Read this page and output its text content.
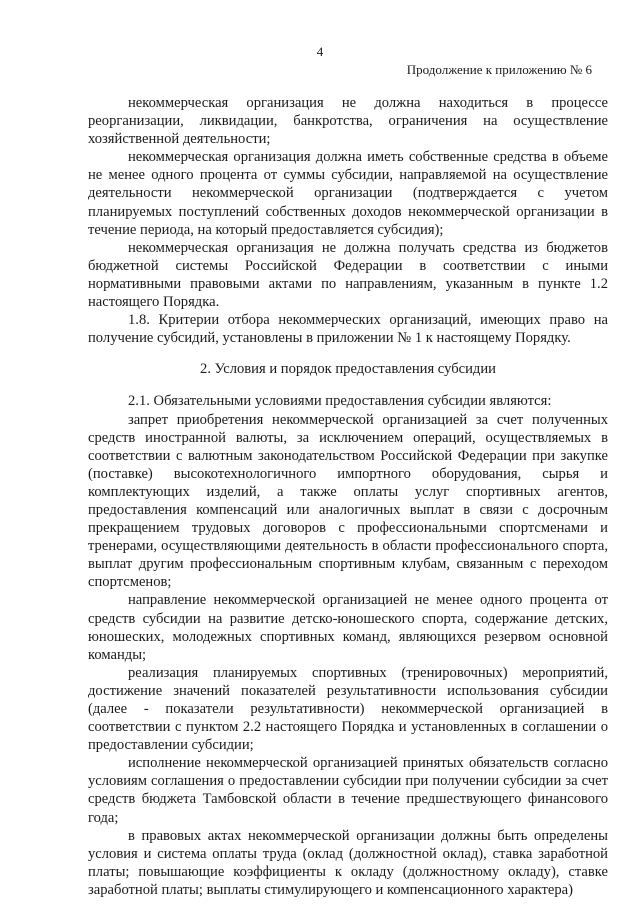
4
Продолжение к приложению № 6

некоммерческая организация не должна находиться в процессе реорганизации, ликвидации, банкротства, ограничения на осуществление хозяйственной деятельности;

некоммерческая организация должна иметь собственные средства в объеме не менее одного процента от суммы субсидии, направляемой на осуществление деятельности некоммерческой организации (подтверждается с учетом планируемых поступлений собственных доходов некоммерческой организации в течение периода, на который предоставляется субсидия);

некоммерческая организация не должна получать средства из бюджетов бюджетной системы Российской Федерации в соответствии с иными нормативными правовыми актами по направлениям, указанным в пункте 1.2 настоящего Порядка.

1.8. Критерии отбора некоммерческих организаций, имеющих право на получение субсидий, установлены в приложении № 1 к настоящему Порядку.

2. Условия и порядок предоставления субсидии

2.1. Обязательными условиями предоставления субсидии являются:

запрет приобретения некоммерческой организацией за счет полученных средств иностранной валюты, за исключением операций, осуществляемых в соответствии с валютным законодательством Российской Федерации при закупке (поставке) высокотехнологичного импортного оборудования, сырья и комплектующих изделий, а также оплаты услуг спортивных агентов, предоставления компенсаций или аналогичных выплат в связи с досрочным прекращением трудовых договоров с профессиональными спортсменами и тренерами, осуществляющими деятельность в области профессионального спорта, выплат другим профессиональным спортивным клубам, связанным с переходом спортсменов;

направление некоммерческой организацией не менее одного процента от средств субсидии на развитие детско-юношеского спорта, содержание детских, юношеских, молодежных спортивных команд, являющихся резервом основной команды;

реализация планируемых спортивных (тренировочных) мероприятий, достижение значений показателей результативности использования субсидии (далее - показатели результативности) некоммерческой организацией в соответствии с пунктом 2.2 настоящего Порядка и установленных в соглашении о предоставлении субсидии;

исполнение некоммерческой организацией принятых обязательств согласно условиям соглашения о предоставлении субсидии при получении субсидии за счет средств бюджета Тамбовской области в течение предшествующего финансового года;

в правовых актах некоммерческой организации должны быть определены условия и система оплаты труда (оклад (должностной оклад), ставка заработной платы; повышающие коэффициенты к окладу (должностному окладу), ставке заработной платы; выплаты стимулирующего и компенсационного характера)
